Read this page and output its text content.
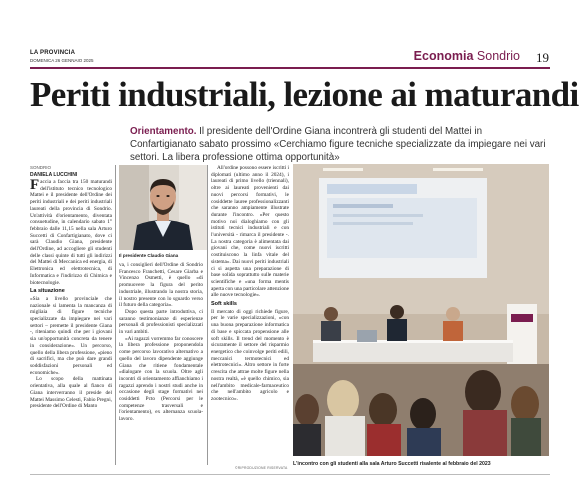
LA PROVINCIA
DOMENICA 26 GENNAIO 2025	Economia Sondrio 19
Periti industriali, lezione ai maturandi
Orientamento. Il presidente dell'Ordine Giana incontrerà gli studenti del Mattei in Confartigianato sabato prossimo «Cerchiamo figure tecniche specializzate da impiegare nei vari settori. La libera professione ottima opportunità»
SONDRIO
DANIELA LUCCHINI

Faccia a faccia tra 150 maturandi dell'istituto tecnico tecnologico Mattei e il presidente dell'Ordine dei periti industriali e dei periti industriali laureati della provincia di Sondrio. Un'attività d'orientamento, diventata consuetudine, in calendario sabato 1° febbraio dalle 11,15 nella sala Arturo Succetti di Confartigianato, dove ci sarà Claudio Giana, presidente dell'Ordine, ad accogliere gli studenti delle classi quinte di tutti gli indirizzi del Mattei di Meccanica ed energia, di Elettronica ed elettrotecnica, di Informatica e l'indirizzo di Chimica e biotecnologie.

La situazione

«Sia a livello provinciale che nazionale si lamenta la mancanza di migliaia di figure tecniche specializzate da impiegare nei vari settori – premette il presidente Giana -, riteniamo quindi che per i giovani sia un'opportunità concreta da tenere in considerazione». Un percorso, quello della libera professione, «pieno di sacrifici, ma che può dare grandi soddisfazioni personali ed economiche».

Lo scopo della mattinata orientativa, alla quale al fianco di Giana interverranno il preside del Mattei Massimo Celesti, Fabio Pregni, presidente dell'Ordine di Manto

Il presidente Claudio Giana

va, i consiglieri dell'Ordine di Sondrio Francesco Franchetti, Cesare Giarba e Vincenzo Osmetti, è quello «di promuovere la figura del perito industriale, illustrando la nostra storia, il nostro presente con lo sguardo verso il futuro della categoria».

Dopo questa parte introduttiva, ci saranno testimonianze di esperienze personali di professionisti specializzati in vari ambiti.

«Ai ragazzi vorremmo far conoscere la libera professione proponendola come percorso lavorativo alternativo a quello del lavoro dipendente aggiunge Giana che ritiene fondamentale «dialogare con la scuola. Oltre agli incontri di orientamento affianchiamo i ragazzi aprendo i nostri studi anche in occasione degli stage formativi nei cosiddetti Pcto (Percorsi per le competenze trasversali e l'orientamento), ex alternanza scuola-lavoro.

All'ordine possono essere iscritti i diplomati (ultimo anno il 2024), i laureati di primo livello (triennali), oltre ai laureati provenienti dai nuovi percorsi formativi, le cosiddette lauree professionalizzanti che saranno ampiamente illustrate durante l'incontro. «Per questo motivo noi dialoghiamo con gli istituti tecnici industriali e con l'università - rimarca il presidente -. La nostra categoria è alimentata dai giovani che, come nuovi iscritti costituiscono la linfa vitale del sistema». Dai nuovi periti industriali ci si aspetta una preparazione di base solida soprattutto sulle materie scientifiche e «una forma mentis aperta con una particolare attenzione alle nuove tecnologie».

Soft skills

Il mercato di oggi richiede figure, per le varie specializzazioni, «con una buona preparazione informatica di base e spiccata propensione alle soft skills. Il trend del momento è sicuramente il settore del risparmio energetico che coinvolge periti edili, meccanici termotecnici ed elettrotecnici». Altro settore in forte crescita che attrae molte figure nella nostra realtà, «è quello chimico, sia nell'ambito medicale-farmaceutico che nell'ambito agricolo e zootecnico».

L'incontro con gli studenti alla sala Arturo Succetti risalente al febbraio del 2023
©RIPRODUZIONE RISERVATA
